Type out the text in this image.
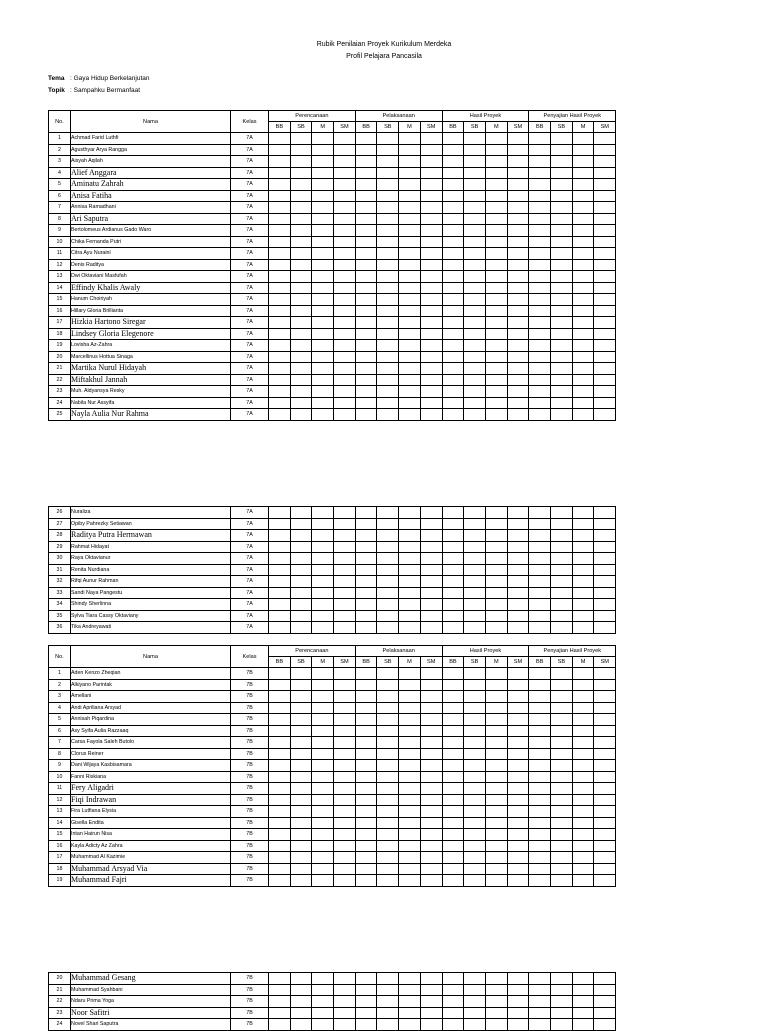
Rubik Penilaian Proyek Kurikulum Merdeka
Profil Pelajara Pancasila
Tema : Gaya Hidup Berkelanjutan
Topik : Sampahku Bermanfaat
No.	Nama	Kelas	Perencanaan				Pelaksanaan				Hasil Proyek				Penyajian Hasil Proyek			
			BB	SB	M	SM	BB	SB	M	SM	BB	SB	M	SM	BB	SB	M	SM
1	Achmad Farid Luthfi	7A																
2	Agusthyar Arya Rangga	7A																
3	Aisyah Aqilah	7A																
4	Alief Anggara	7A																
5	Aminatu Zahrah	7A																
6	Anisa Fatiha	7A																
7	Annisa Ramadhani	7A																
8	Ari Saputra	7A																
9	Bertolomeus Ardianus Gado Waro	7A																
10	Chika Fernanda Putri	7A																
11	Citra Ayu Nuraini	7A																
12	Denis Raditya	7A																
13	Dwi Oktaviani Masfufah	7A																
14	Effindy Khalis Awaly	7A																
15	Hanum Choiriyah	7A																
16	Hillary Gloria Brillianta	7A																
17	Hizkia Hartono Siregar	7A																
18	Lindsey Gloria Elegenore	7A																
19	Lovisha Az-Zahra	7A																
20	Marcellinus Hottua Sinaga	7A																
21	Martika Nurul Hidayah	7A																
22	Miftakhul Jannah	7A																
23	Muh. Aldyansya Resky	7A																
24	Nabila Nur Assyifa	7A																
25	Nayla Aulia Nur Rahma	7A																
26	Nuraliza	7A																
27	Opiby Pahrezky Setiawan	7A																
28	Raditya Putra Hermawan	7A																
29	Rahmat Hidayat	7A																
30	Raya Oktavianur	7A																
31	Renita Nurdiana	7A																
32	Rifqi Aunur Rahman	7A																
33	Sandi Naya Pangestu	7A																
34	Shindy Sherlinna	7A																
35	Sylva Tiara Cassy Oktaviany	7A																
36	Tika Andreyawati	7A																
No.	Nama	Kelas	Perencanaan				Pelaksanaan				Hasil Proyek				Penyajian Hasil Proyek			
			BB	SB	M	SM	BB	SB	M	SM	BB	SB	M	SM	BB	SB	M	SM
1	Aden Kenzo Zheqian	7B																
2	Alkiyano Parintak	7B																
3	Amellani	7B																
4	Andi Apriliana Arsyad	7B																
5	Annisah Piqardina	7B																
6	Asy Syifa Aulia Razzaaq	7B																
7	Carsa Fayola Saleh Butolo	7B																
8	Clorus Reiner	7B																
9	Dani Wijaya Kasbisamara	7B																
10	Fanni Riskiana	7B																
11	Fery Aligadri	7B																
12	Fiqi Indrawan	7B																
13	Fira Lutfiana Elysia	7B																
14	Gisella Endita	7B																
15	Intan Hairun Nisa	7B																
16	Kayla Adicty Az Zahra	7B																
17	Muhammad Al Kazimie	7B																
18	Muhammad Arsyad Via	7B																
19	Muhammad Fajri	7B																
20	Muhammad Gesang	7B																
21	Muhammad Syahbani	7B																
22	Ndaru Prima Yoga	7B																
23	Noor Safitri	7B																
24	Novel Shari Saputra	7B																
